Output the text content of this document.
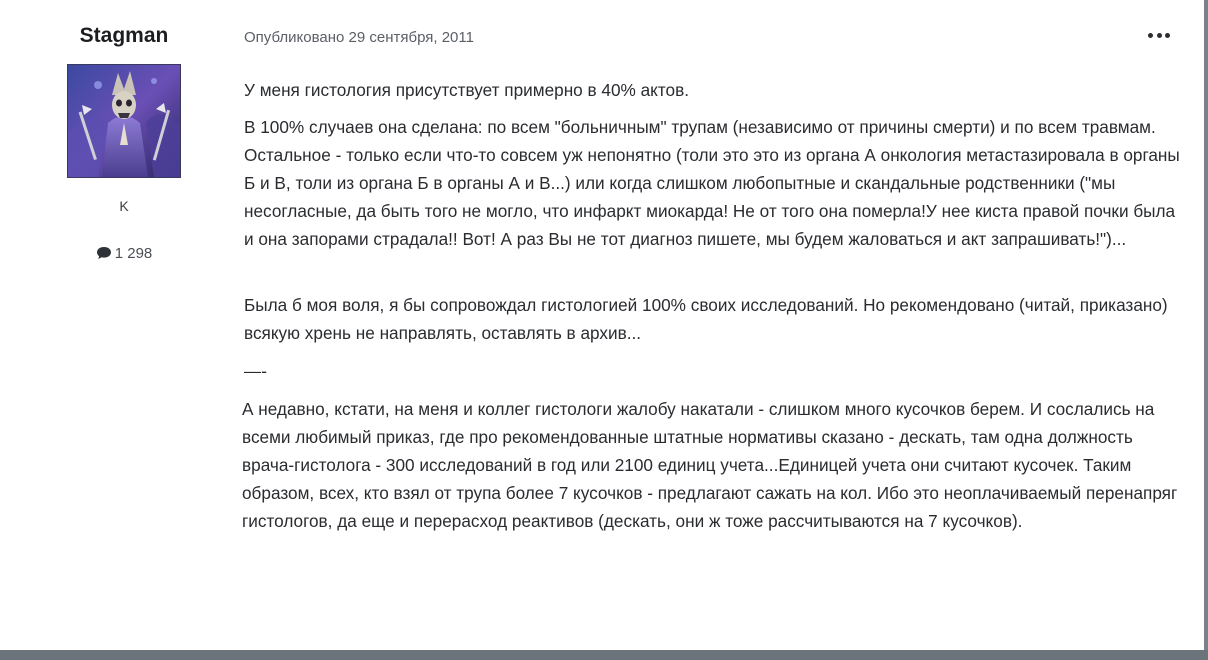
Stagman
K
1 298
Опубликовано 29 сентября, 2011

У меня гистология присутствует примерно в 40% актов.

В 100% случаев она сделана: по всем "больничным" трупам (независимо от причины смерти) и по всем травмам. Остальное - только если что-то совсем уж непонятно (толи это это из органа А онкология метастазировала в органы Б и В, толи из органа Б в органы А и В...) или когда слишком любопытные и скандальные родственники ("мы несогласные, да быть того не могло, что инфаркт миокарда! Не от того она померла!У нее киста правой почки была и она запорами страдала!! Вот! А раз Вы не тот диагноз пишете, мы будем жаловаться и акт запрашивать!")...

Была б моя воля, я бы сопровождал гистологией 100% своих исследований. Но рекомендовано (читай, приказано) всякую хрень не направлять, оставлять в архив...

—-

А недавно, кстати, на меня и коллег гистологи жалобу накатали - слишком много кусочков берем. И сослались на всеми любимый приказ, где про рекомендованные штатные нормативы сказано - дескать, там одна должность врача-гистолога - 300 исследований в год или 2100 единиц учета...Единицей учета они считают кусочек. Таким образом, всех, кто взял от трупа более 7 кусочков - предлагают сажать на кол. Ибо это неоплачиваемый перенапряг гистологов, да еще и перерасход реактивов (дескать, они ж тоже рассчитываются на 7 кусочков).
